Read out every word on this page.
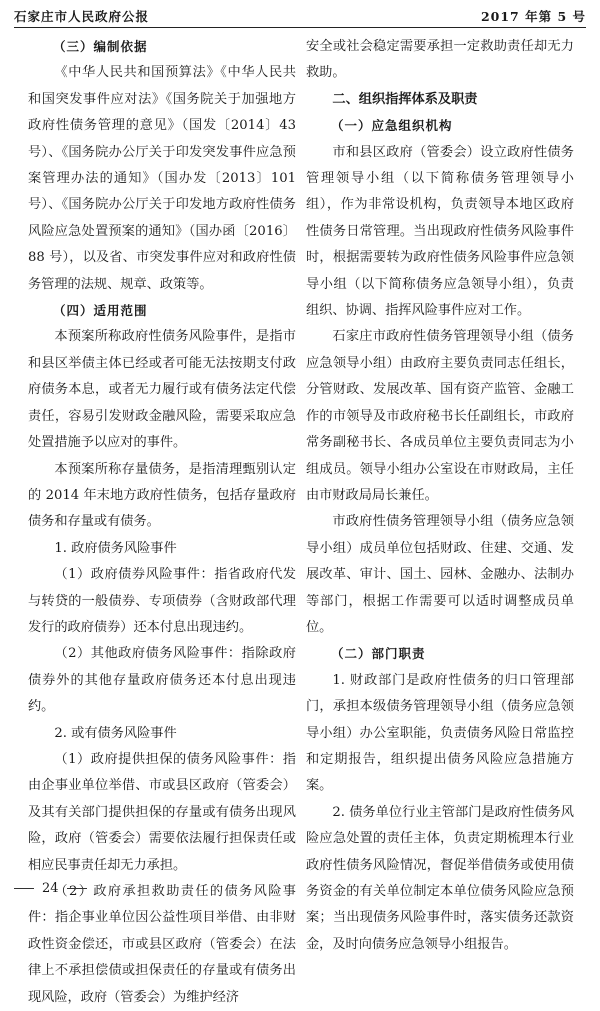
石家庄市人民政府公报	2017 年第 5 号

（三）编制依据

《中华人民共和国预算法》《中华人民共和国突发事件应对法》《国务院关于加强地方政府性债务管理的意见》（国发〔2014〕43 号）、《国务院办公厅关于印发突发事件应急预案管理办法的通知》（国办发〔2013〕101 号）、《国务院办公厅关于印发地方政府性债务风险应急处置预案的通知》（国办函〔2016〕88 号），以及省、市突发事件应对和政府性债务管理的法规、规章、政策等。

（四）适用范围

本预案所称政府性债务风险事件，是指市和县区举债主体已经或者可能无法按期支付政府债务本息，或者无力履行或有债务法定代偿责任，容易引发财政金融风险，需要采取应急处置措施予以应对的事件。

本预案所称存量债务，是指清理甄别认定的 2014 年末地方政府性债务，包括存量政府债务和存量或有债务。

1. 政府债务风险事件

（1）政府债券风险事件：指省政府代发与转贷的一般债券、专项债券（含财政部代理发行的政府债券）还本付息出现违约。

（2）其他政府债务风险事件：指除政府债券外的其他存量政府债务还本付息出现违约。

2. 或有债务风险事件

（1）政府提供担保的债务风险事件：指由企事业单位举借、市或县区政府（管委会）及其有关部门提供担保的存量或有债务出现风险，政府（管委会）需要依法履行担保责任或相应民事责任却无力承担。

（2）政府承担救助责任的债务风险事件：指企事业单位因公益性项目举借、由非财政性资金偿还，市或县区政府（管委会）在法律上不承担偿债或担保责任的存量或有债务出现风险，政府（管委会）为维护经济

安全或社会稳定需要承担一定救助责任却无力救助。

二、组织指挥体系及职责

（一）应急组织机构

市和县区政府（管委会）设立政府性债务管理领导小组（以下简称债务管理领导小组），作为非常设机构，负责领导本地区政府性债务日常管理。当出现政府性债务风险事件时，根据需要转为政府性债务风险事件应急领导小组（以下简称债务应急领导小组），负责组织、协调、指挥风险事件应对工作。

石家庄市政府性债务管理领导小组（债务应急领导小组）由政府主要负责同志任组长，分管财政、发展改革、国有资产监管、金融工作的市领导及市政府秘书长任副组长，市政府常务副秘书长、各成员单位主要负责同志为小组成员。领导小组办公室设在市财政局，主任由市财政局局长兼任。

市政府性债务管理领导小组（债务应急领导小组）成员单位包括财政、住建、交通、发展改革、审计、国土、园林、金融办、法制办等部门，根据工作需要可以适时调整成员单位。

（二）部门职责

1. 财政部门是政府性债务的归口管理部门，承担本级债务管理领导小组（债务应急领导小组）办公室职能，负责债务风险日常监控和定期报告，组织提出债务风险应急措施方案。

2. 债务单位行业主管部门是政府性债务风险应急处置的责任主体，负责定期梳理本行业政府性债务风险情况，督促举借债务或使用债务资金的有关单位制定本单位债务风险应急预案；当出现债务风险事件时，落实债务还款资金，及时向债务应急领导小组报告。

24
